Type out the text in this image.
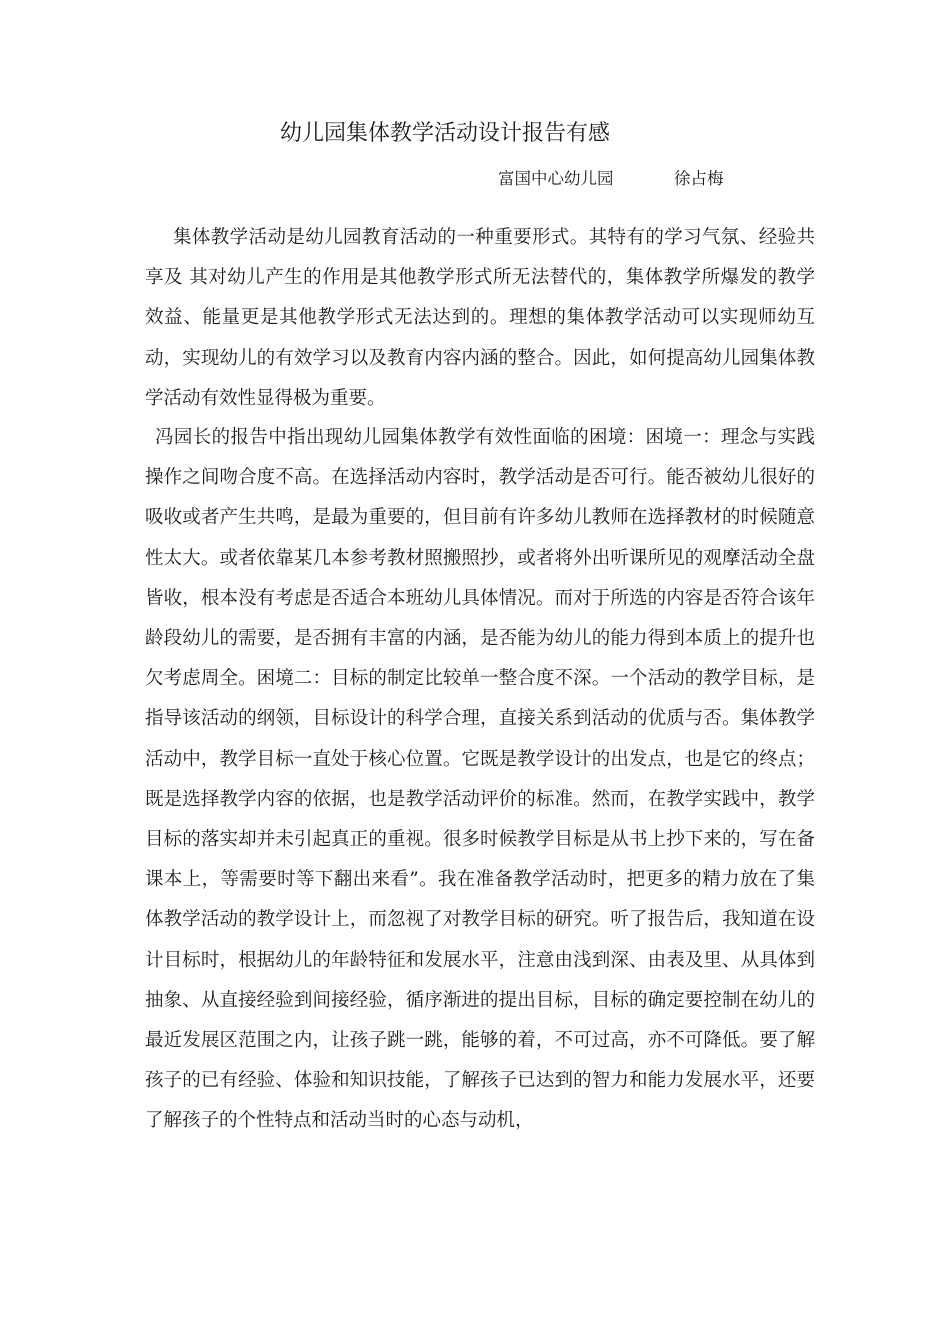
幼儿园集体教学活动设计报告有感
富国中心幼儿园	徐占梅

集体教学活动是幼儿园教育活动的一种重要形式。其特有的学习气氛、经验共享及 其对幼儿产生的作用是其他教学形式所无法替代的，集体教学所爆发的教学效益、能量更是其他教学形式无法达到的。理想的集体教学活动可以实现师幼互动，实现幼儿的有效学习以及教育内容内涵的整合。因此，如何提高幼儿园集体教学活动有效性显得极为重要。

冯园长的报告中指出现幼儿园集体教学有效性面临的困境：困境一：理念与实践操作之间吻合度不高。在选择活动内容时，教学活动是否可行。能否被幼儿很好的吸收或者产生共鸣，是最为重要的，但目前有许多幼儿教师在选择教材的时候随意性太大。或者依靠某几本参考教材照搬照抄，或者将外出听课所见的观摩活动全盘皆收，根本没有考虑是否适合本班幼儿具体情况。而对于所选的内容是否符合该年龄段幼儿的需要，是否拥有丰富的内涵，是否能为幼儿的能力得到本质上的提升也欠考虑周全。困境二：目标的制定比较单一整合度不深。一个活动的教学目标，是指导该活动的纲领，目标设计的科学合理，直接关系到活动的优质与否。集体教学活动中，教学目标一直处于核心位置。它既是教学设计的出发点，也是它的终点；既是选择教学内容的依据，也是教学活动评价的标准。然而，在教学实践中，教学目标的落实却并未引起真正的重视。很多时候教学目标是从书上抄下来的，写在备课本上，等需要时等下翻出来看”。我在准备教学活动时，把更多的精力放在了集体教学活动的教学设计上，而忽视了对教学目标的研究。听了报告后，我知道在设计目标时，根据幼儿的年龄特征和发展水平，注意由浅到深、由表及里、从具体到抽象、从直接经验到间接经验，循序渐进的提出目标，目标的确定要控制在幼儿的最近发展区范围之内，让孩子跳一跳，能够的着，不可过高，亦不可降低。要了解孩子的已有经验、体验和知识技能，了解孩子已达到的智力和能力发展水平，还要了解孩子的个性特点和活动当时的心态与动机，
